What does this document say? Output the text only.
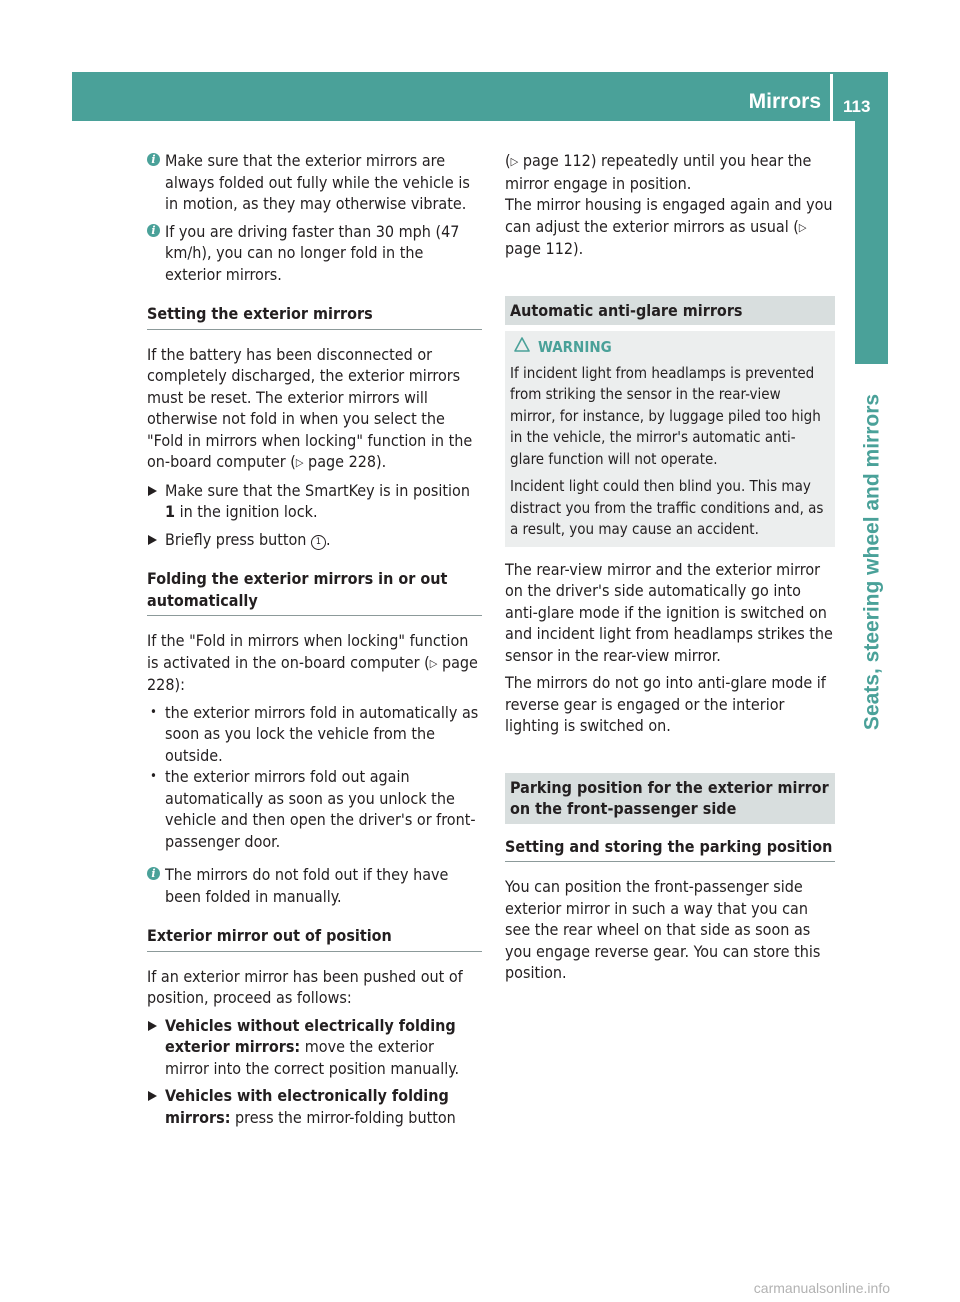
Mirrors 113
Seats, steering wheel and mirrors

i Make sure that the exterior mirrors are always folded out fully while the vehicle is in motion, as they may otherwise vibrate.

i If you are driving faster than 30 mph (47 km/h), you can no longer fold in the exterior mirrors.

Setting the exterior mirrors

If the battery has been disconnected or completely discharged, the exterior mirrors must be reset. The exterior mirrors will otherwise not fold in when you select the "Fold in mirrors when locking" function in the on-board computer (▷ page 228).

Make sure that the SmartKey is in position 1 in the ignition lock.

Briefly press button 1 .

Folding the exterior mirrors in or out automatically

If the "Fold in mirrors when locking" function is activated in the on-board computer (▷ page 228):

• the exterior mirrors fold in automatically as soon as you lock the vehicle from the outside.

• the exterior mirrors fold out again automatically as soon as you unlock the vehicle and then open the driver's or front-passenger door.

i The mirrors do not fold out if they have been folded in manually.

Exterior mirror out of position

If an exterior mirror has been pushed out of position, proceed as follows:

Vehicles without electrically folding exterior mirrors: move the exterior mirror into the correct position manually.

Vehicles with electronically folding mirrors: press the mirror-folding button

(▷ page 112) repeatedly until you hear the mirror engage in position.

The mirror housing is engaged again and you can adjust the exterior mirrors as usual (▷ page 112).

Automatic anti-glare mirrors
WARNING

If incident light from headlamps is prevented from striking the sensor in the rear-view mirror, for instance, by luggage piled too high in the vehicle, the mirror's automatic anti-glare function will not operate.

Incident light could then blind you. This may distract you from the traffic conditions and, as a result, you may cause an accident.

The rear-view mirror and the exterior mirror on the driver's side automatically go into anti-glare mode if the ignition is switched on and incident light from headlamps strikes the sensor in the rear-view mirror.

The mirrors do not go into anti-glare mode if reverse gear is engaged or the interior lighting is switched on.

Parking position for the exterior mirror on the front-passenger side
Setting and storing the parking position

You can position the front-passenger side exterior mirror in such a way that you can see the rear wheel on that side as soon as you engage reverse gear. You can store this position.

carmanualsonline.info
